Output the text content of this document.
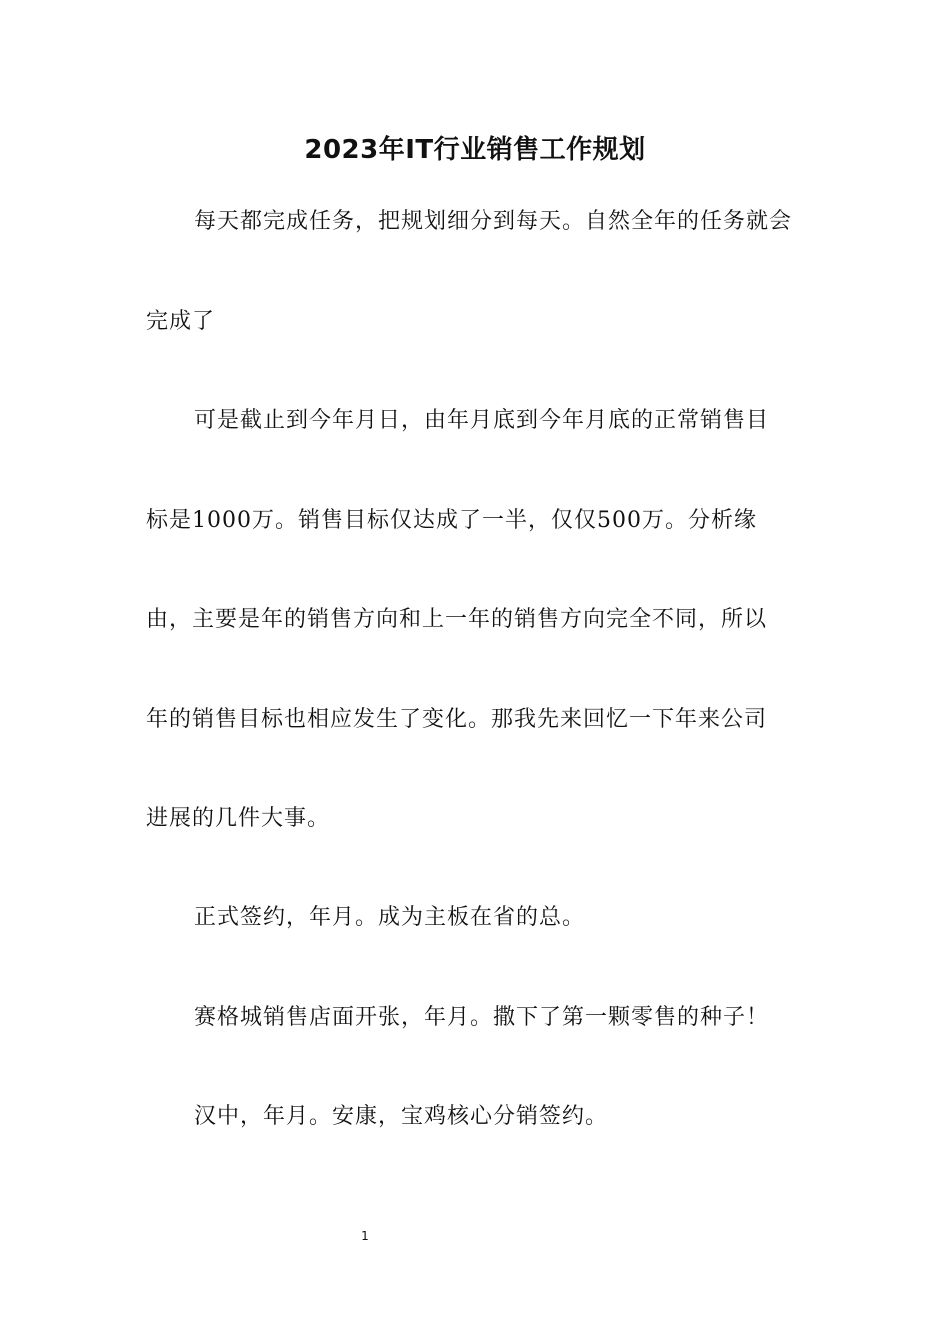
2023年IT行业销售工作规划
每天都完成任务，把规划细分到每天。自然全年的任务就会
完成了
可是截止到今年月日，由年月底到今年月底的正常销售目
标是1000万。销售目标仅达成了一半，仅仅500万。分析缘
由，主要是年的销售方向和上一年的销售方向完全不同，所以
年的销售目标也相应发生了变化。那我先来回忆一下年来公司
进展的几件大事。
正式签约，年月。成为主板在省的总。
赛格城销售店面开张，年月。撒下了第一颗零售的种子！
汉中，年月。安康，宝鸡核心分销签约。
1
